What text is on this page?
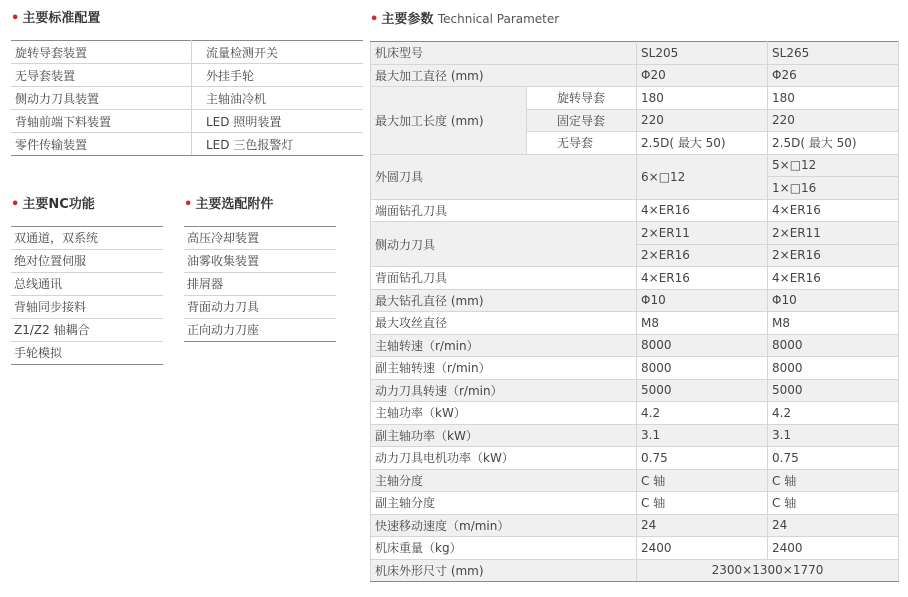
• 主要标准配置
• 主要NC功能	• 主要选配附件
• 主要参数 Technical Parameter
旋转导套装置	流量检测开关
无导套装置	外挂手轮
侧动力刀具装置	主轴油冷机
背轴前端下料装置	LED 照明装置
零件传输装置	LED 三色报警灯
双通道，双系统
绝对位置伺服
总线通讯
背轴同步接料
Z1/Z2 轴耦合
手轮模拟
高压冷却装置
油雾收集装置
排屑器
背面动力刀具
正向动力刀座
机床型号		SL205	SL265
最大加工直径 (mm)		Φ20	Φ26
最大加工长度 (mm)	旋转导套	180	180
	固定导套	220	220
	无导套	2.5D( 最大 50)	2.5D( 最大 50)
外圆刀具		6×□12	5×□12
			1×□16
端面钻孔刀具		4×ER16	4×ER16
侧动力刀具		2×ER11	2×ER11
		2×ER16	2×ER16
背面钻孔刀具		4×ER16	4×ER16
最大钻孔直径 (mm)		Φ10	Φ10
最大攻丝直径		M8	M8
主轴转速（r/min）		8000	8000
副主轴转速（r/min）		8000	8000
动力刀具转速（r/min）		5000	5000
主轴功率（kW）		4.2	4.2
副主轴功率（kW）		3.1	3.1
动力刀具电机功率（kW）		0.75	0.75
主轴分度		C 轴	C 轴
副主轴分度		C 轴	C 轴
快速移动速度（m/min）		24	24
机床重量（kg）		2400	2400
机床外形尺寸 (mm)		2300×1300×1770	
